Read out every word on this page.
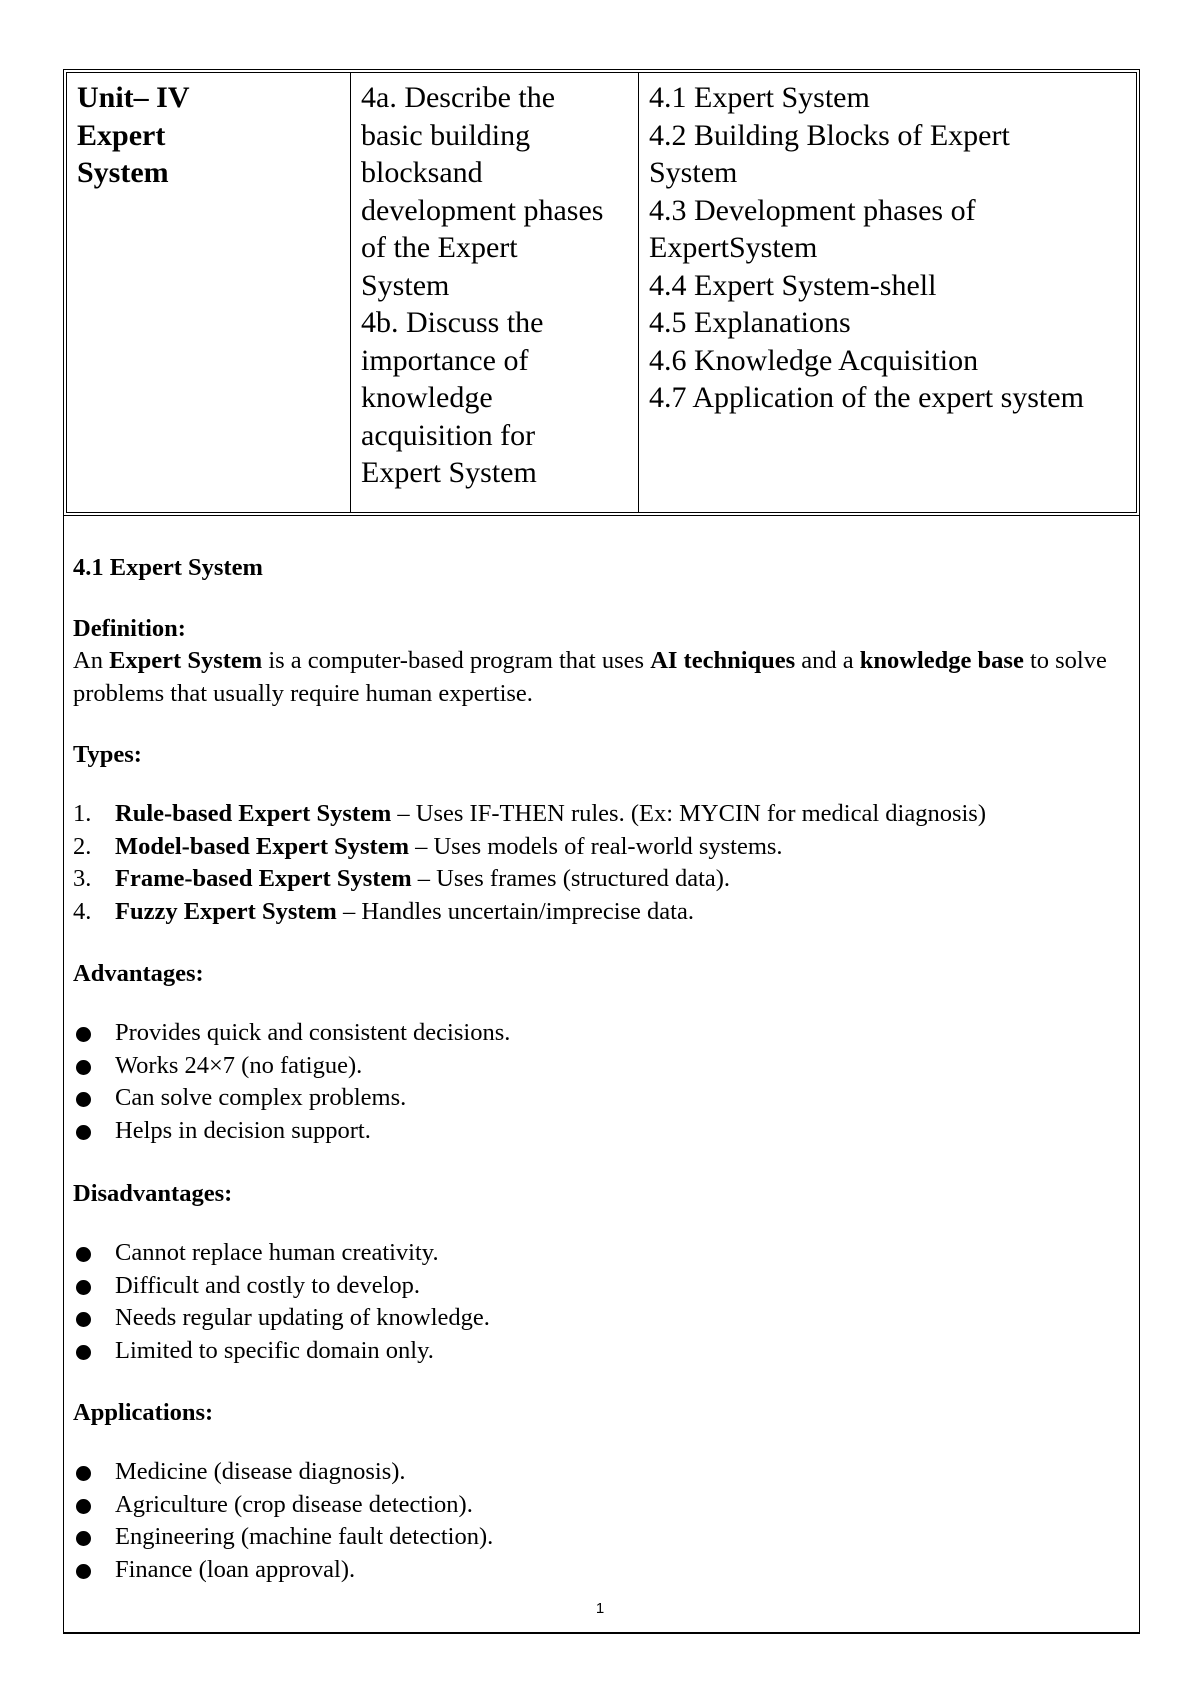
Unit– IV
Expert
System
4a. Describe the
basic building
blocksand
development phases
of the Expert
System
4b. Discuss the
importance of
knowledge
acquisition for
Expert System
4.1 Expert System
4.2 Building Blocks of Expert
System
4.3 Development phases of
ExpertSystem
4.4 Expert System-shell
4.5 Explanations
4.6 Knowledge Acquisition
4.7 Application of the expert system

4.1 Expert System

Definition:

An Expert System is a computer-based program that uses AI techniques and a knowledge base to solve problems that usually require human expertise.

Types:

1. Rule-based Expert System – Uses IF-THEN rules. (Ex: MYCIN for medical diagnosis)
2. Model-based Expert System – Uses models of real-world systems.
3. Frame-based Expert System – Uses frames (structured data).
4. Fuzzy Expert System – Handles uncertain/imprecise data.

Advantages:

Provides quick and consistent decisions.
Works 24×7 (no fatigue).
Can solve complex problems.
Helps in decision support.

Disadvantages:

Cannot replace human creativity.
Difficult and costly to develop.
Needs regular updating of knowledge.
Limited to specific domain only.

Applications:

Medicine (disease diagnosis).
Agriculture (crop disease detection).
Engineering (machine fault detection).
Finance (loan approval).
1
